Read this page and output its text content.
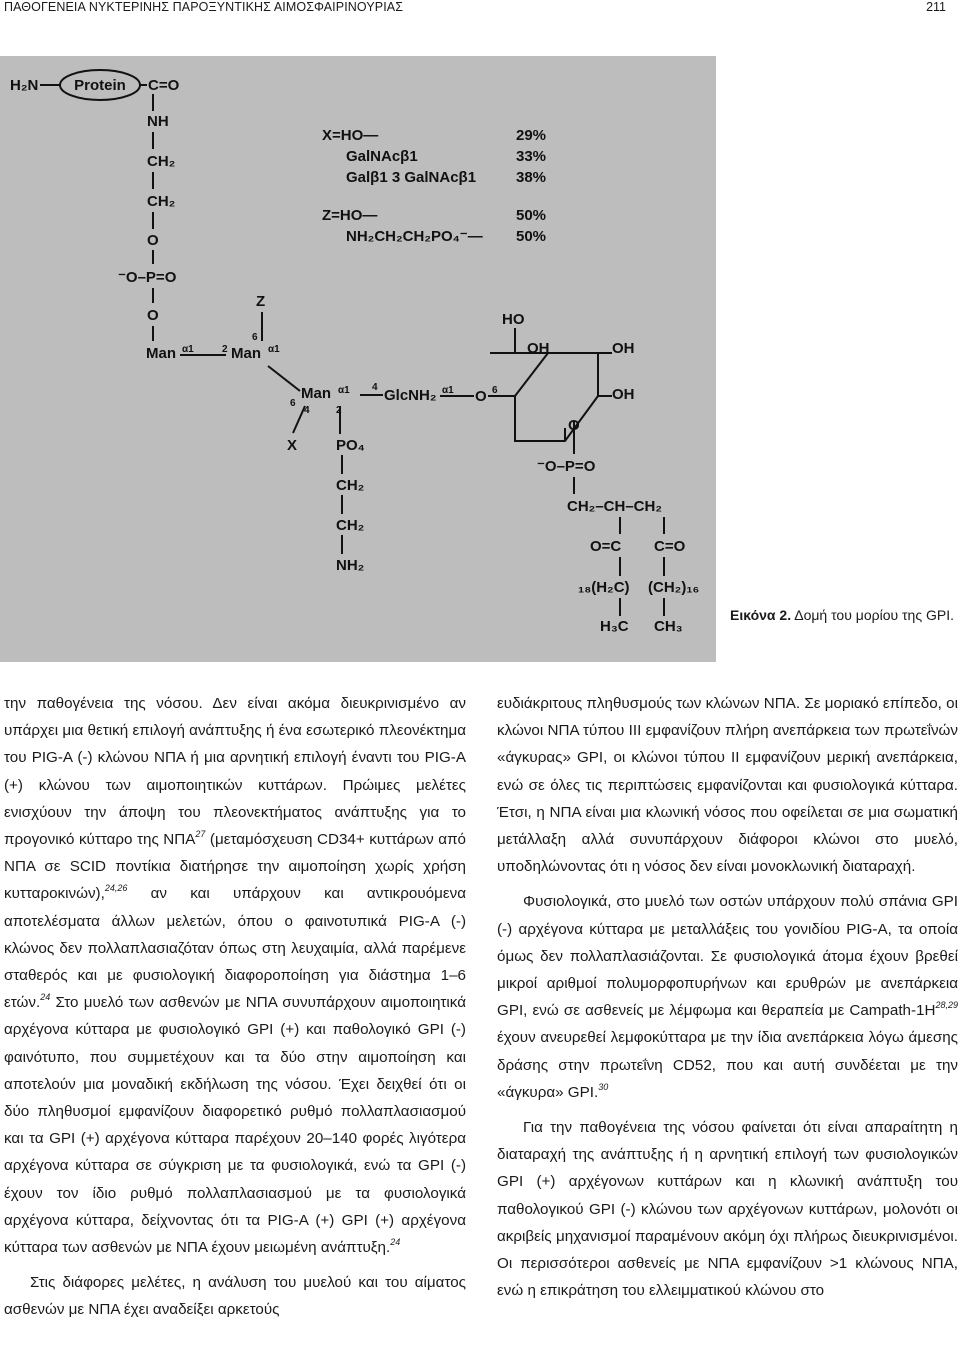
ΠΑΘΟΓΕΝΕΙΑ ΝΥΚΤΕΡΙΝΗΣ ΠΑΡΟΞΥΝΤΙΚΗΣ ΑΙΜΟΣΦΑΙΡΙΝΟΥΡΙΑΣ	211
H₂N Protein C=O
NH
CH₂
CH₂
O
⁻O–P=O
O
Man α1	2 Man α1
Z
6
Man α1
6
4	2
X	PO₄
CH₂
CH₂
NH₂
4 GlcNH₂ α1 O 6
HO
OH	OH
OH
O
⁻O–P=O
CH₂–CH–CH₂
O=C C=O
₁₈(H₂C) (CH₂)₁₆
H₃C CH₃
X=HO—	29%
GalNAcβ1	33%
Galβ1 3 GalNAcβ1	38%
Z=HO—	50%
NH₂CH₂CH₂PO₄⁻— 50%
Εικόνα 2. Δομή του μορίου της GPI.

την παθογένεια της νόσου. Δεν είναι ακόμα διευκρινισμένο αν υπάρχει μια θετική επιλογή ανάπτυξης ή ένα εσωτερικό πλεονέκτημα του PIG-A (-) κλώνου ΝΠΑ ή μια αρνητική επιλογή έναντι του PIG-A (+) κλώνου των αιμοποιητικών κυττάρων. Πρώιμες μελέτες ενισχύουν την άποψη του πλεονεκτήματος ανάπτυξης για το προγονικό κύτταρο της ΝΠΑ$^{27}$ (μεταμόσχευση CD34+ κυττάρων από ΝΠΑ σε SCID ποντίκια διατήρησε την αιμοποίηση χωρίς χρήση κυτταροκινών),$^{24,26}$ αν και υπάρχουν και αντικρουόμενα αποτελέσματα άλλων μελετών, όπου ο φαινοτυπικά PIG-A (-) κλώνος δεν πολλαπλασιαζόταν όπως στη λευχαιμία, αλλά παρέμενε σταθερός και με φυσιολογική διαφοροποίηση για διάστημα 1–6 ετών.$^{24}$ Στο μυελό των ασθενών με ΝΠΑ συνυπάρχουν αιμοποιητικά αρχέγονα κύτταρα με φυσιολογικό GPI (+) και παθολογικό GPI (-) φαινότυπο, που συμμετέχουν και τα δύο στην αιμοποίηση και αποτελούν μια μοναδική εκδήλωση της νόσου. Έχει δειχθεί ότι οι δύο πληθυσμοί εμφανίζουν διαφορετικό ρυθμό πολλαπλασιασμού και τα GPI (+) αρχέγονα κύτταρα παρέχουν 20–140 φορές λιγότερα αρχέγονα κύτταρα σε σύγκριση με τα φυσιολογικά, ενώ τα GPI (-) έχουν τον ίδιο ρυθμό πολλαπλασιασμού με τα φυσιολογικά αρχέγονα κύτταρα, δείχνοντας ότι τα PIG-A (+) GPI (+) αρχέγονα κύτταρα των ασθενών με ΝΠΑ έχουν μειωμένη ανάπτυξη.$^{24}$

Στις διάφορες μελέτες, η ανάλυση του μυελού και του αίματος ασθενών με ΝΠΑ έχει αναδείξει αρκετούς

ευδιάκριτους πληθυσμούς των κλώνων ΝΠΑ. Σε μοριακό επίπεδο, οι κλώνοι ΝΠΑ τύπου ΙΙΙ εμφανίζουν πλήρη ανεπάρκεια των πρωτεΐνών «άγκυρας» GPI, οι κλώνοι τύπου ΙΙ εμφανίζουν μερική ανεπάρκεια, ενώ σε όλες τις περιπτώσεις εμφανίζονται και φυσιολογικά κύτταρα. Έτσι, η ΝΠΑ είναι μια κλωνική νόσος που οφείλεται σε μια σωματική μετάλλαξη αλλά συνυπάρχουν διάφοροι κλώνοι στο μυελό, υποδηλώνοντας ότι η νόσος δεν είναι μονοκλωνική διαταραχή.

Φυσιολογικά, στο μυελό των οστών υπάρχουν πολύ σπάνια GPI (-) αρχέγονα κύτταρα με μεταλλάξεις του γονιδίου PIG-A, τα οποία όμως δεν πολλαπλασιάζονται. Σε φυσιολογικά άτομα έχουν βρεθεί μικροί αριθμοί πολυμορφοπυρήνων και ερυθρών με ανεπάρκεια GPI, ενώ σε ασθενείς με λέμφωμα και θεραπεία με Campath-$1H^{28,29}$ έχουν ανευρεθεί λεμφοκύτταρα με την ίδια ανεπάρκεια λόγω άμεσης δράσης στην πρωτεΐνη CD52, που και αυτή συνδέεται με την «άγκυρα» GPI.$^{30}$

Για την παθογένεια της νόσου φαίνεται ότι είναι απαραίτητη η διαταραχή της ανάπτυξης ή η αρνητική επιλογή των φυσιολογικών GPI (+) αρχέγονων κυττάρων και η κλωνική ανάπτυξη του παθολογικού GPI (-) κλώνου των αρχέγονων κυττάρων, μολονότι οι ακριβείς μηχανισμοί παραμένουν ακόμη όχι πλήρως διευκρινισμένοι. Οι περισσότεροι ασθενείς με ΝΠΑ εμφανίζουν >1 κλώνους ΝΠΑ, ενώ η επικράτηση του ελλειμματικού κλώνου στο
